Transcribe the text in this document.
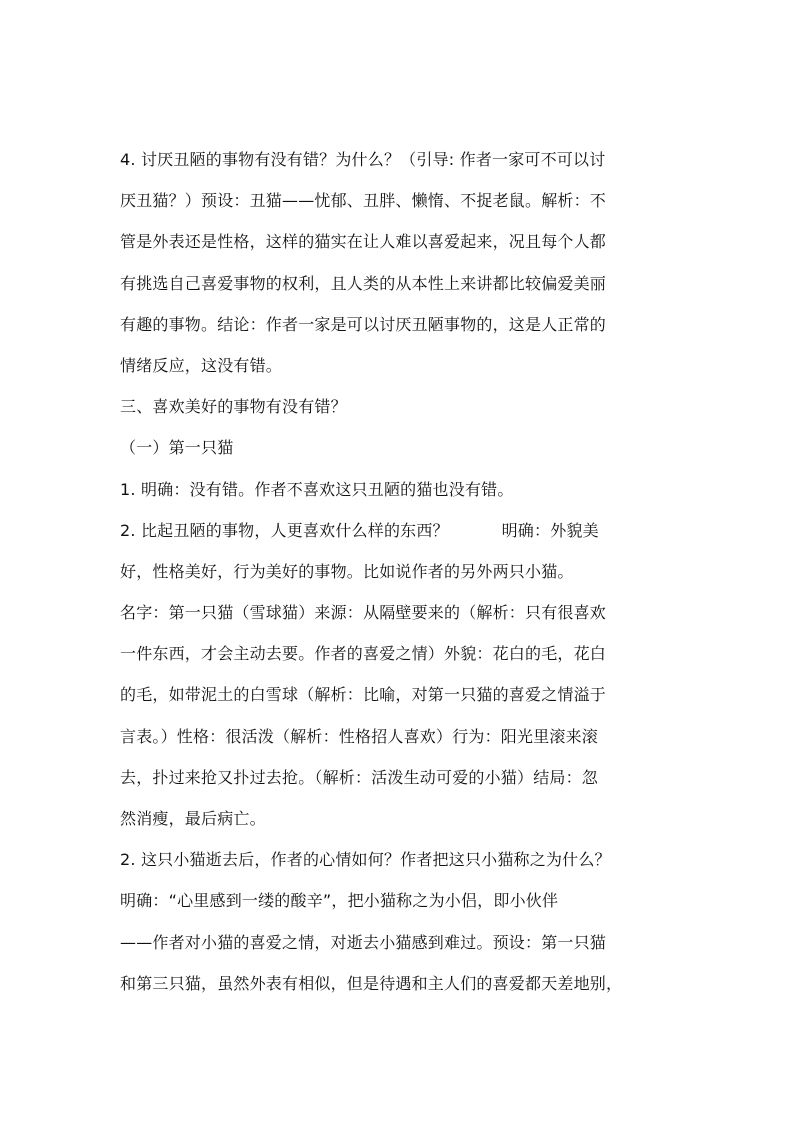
4. 讨厌丑陋的事物有没有错？为什么？（引导: 作者一家可不可以讨
厌丑猫？）预设：丑猫——忧郁、丑胖、懒惰、不捉老鼠。解析：不
管是外表还是性格，这样的猫实在让人难以喜爱起来，况且每个人都
有挑选自己喜爱事物的权利，且人类的从本性上来讲都比较偏爱美丽
有趣的事物。结论：作者一家是可以讨厌丑陋事物的，这是人正常的
情绪反应，这没有错。
三、喜欢美好的事物有没有错？
（一）第一只猫
1. 明确：没有错。作者不喜欢这只丑陋的猫也没有错。
2. 比起丑陋的事物，人更喜欢什么样的东西？          明确：外貌美
好，性格美好，行为美好的事物。比如说作者的另外两只小猫。
名字：第一只猫（雪球猫）来源：从隔壁要来的（解析：只有很喜欢
一件东西，才会主动去要。作者的喜爱之情）外貌：花白的毛，花白
的毛，如带泥土的白雪球（解析：比喻，对第一只猫的喜爱之情溢于
言表。）性格：很活泼（解析：性格招人喜欢）行为：阳光里滚来滚
去，扑过来抢又扑过去抢。（解析：活泼生动可爱的小猫）结局：忽
然消瘦，最后病亡。
2. 这只小猫逝去后，作者的心情如何？作者把这只小猫称之为什么？
明确：“心里感到一缕的酸辛”，把小猫称之为小侣，即小伙伴
——作者对小猫的喜爱之情，对逝去小猫感到难过。预设：第一只猫
和第三只猫，虽然外表有相似，但是待遇和主人们的喜爱都天差地别，
